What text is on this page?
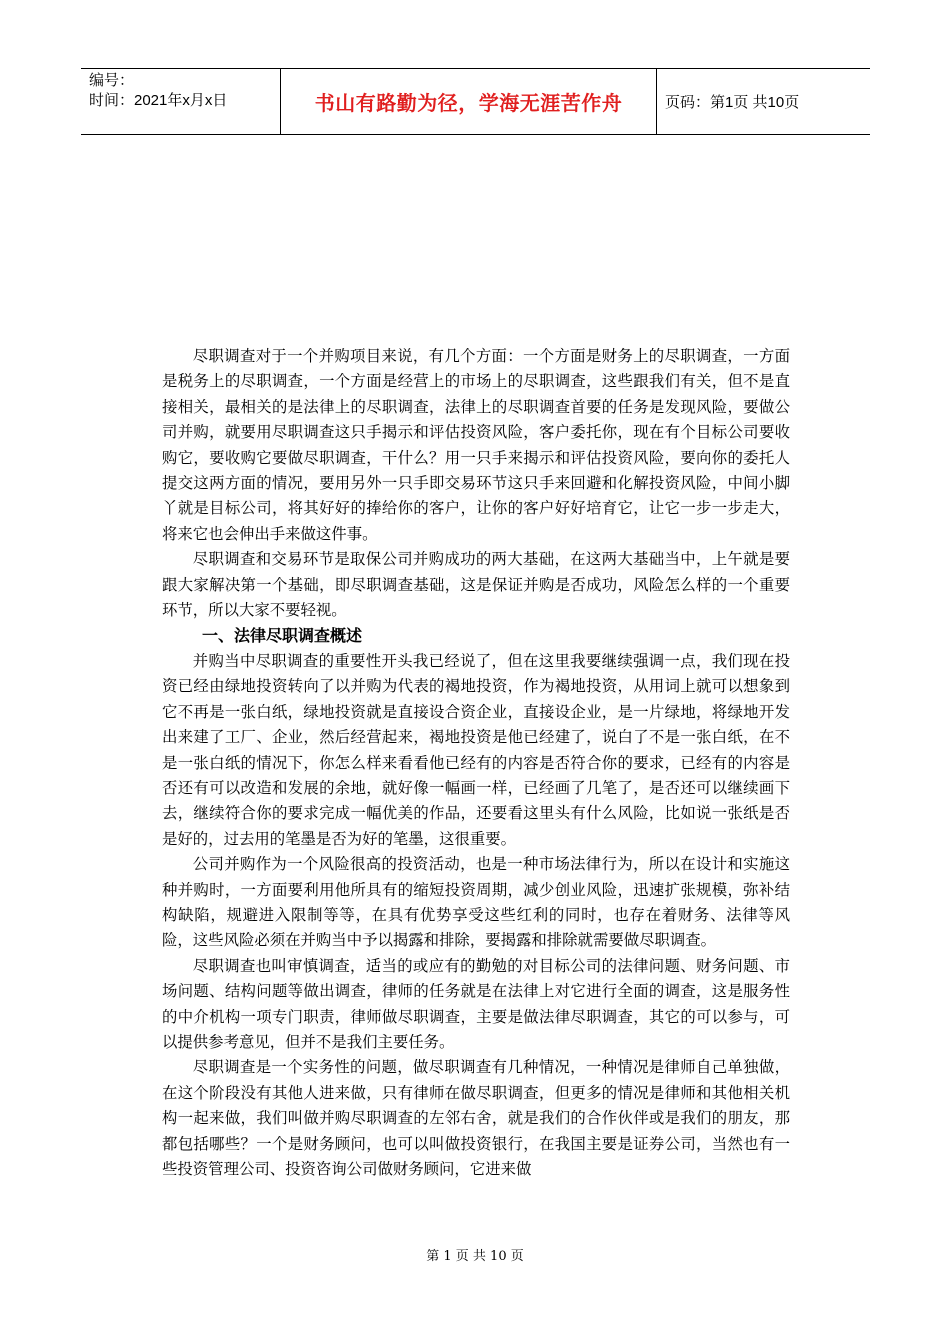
编号：
时间：2021年x月x日	书山有路勤为径，学海无涯苦作舟	页码：第1页 共10页

尽职调查对于一个并购项目来说，有几个方面：一个方面是财务上的尽职调查，一方面是税务上的尽职调查，一个方面是经营上的市场上的尽职调查，这些跟我们有关，但不是直接相关，最相关的是法律上的尽职调查，法律上的尽职调查首要的任务是发现风险，要做公司并购，就要用尽职调查这只手揭示和评估投资风险，客户委托你，现在有个目标公司要收购它，要收购它要做尽职调查，干什么？用一只手来揭示和评估投资风险，要向你的委托人提交这两方面的情况，要用另外一只手即交易环节这只手来回避和化解投资风险，中间小脚丫就是目标公司，将其好好的捧给你的客户，让你的客户好好培育它，让它一步一步走大，将来它也会伸出手来做这件事。

尽职调查和交易环节是取保公司并购成功的两大基础，在这两大基础当中，上午就是要跟大家解决第一个基础，即尽职调查基础，这是保证并购是否成功，风险怎么样的一个重要环节，所以大家不要轻视。

一、法律尽职调查概述

并购当中尽职调查的重要性开头我已经说了，但在这里我要继续强调一点，我们现在投资已经由绿地投资转向了以并购为代表的褐地投资，作为褐地投资，从用词上就可以想象到它不再是一张白纸，绿地投资就是直接设合资企业，直接设企业，是一片绿地，将绿地开发出来建了工厂、企业，然后经营起来，褐地投资是他已经建了，说白了不是一张白纸，在不是一张白纸的情况下，你怎么样来看看他已经有的内容是否符合你的要求，已经有的内容是否还有可以改造和发展的余地，就好像一幅画一样，已经画了几笔了，是否还可以继续画下去，继续符合你的要求完成一幅优美的作品，还要看这里头有什么风险，比如说一张纸是否是好的，过去用的笔墨是否为好的笔墨，这很重要。

公司并购作为一个风险很高的投资活动，也是一种市场法律行为，所以在设计和实施这种并购时，一方面要利用他所具有的缩短投资周期，减少创业风险，迅速扩张规模，弥补结构缺陷，规避进入限制等等，在具有优势享受这些红利的同时，也存在着财务、法律等风险，这些风险必须在并购当中予以揭露和排除，要揭露和排除就需要做尽职调查。

尽职调查也叫审慎调查，适当的或应有的勤勉的对目标公司的法律问题、财务问题、市场问题、结构问题等做出调查，律师的任务就是在法律上对它进行全面的调查，这是服务性的中介机构一项专门职责，律师做尽职调查，主要是做法律尽职调查，其它的可以参与，可以提供参考意见，但并不是我们主要任务。

尽职调查是一个实务性的问题，做尽职调查有几种情况，一种情况是律师自己单独做，在这个阶段没有其他人进来做，只有律师在做尽职调查，但更多的情况是律师和其他相关机构一起来做，我们叫做并购尽职调查的左邻右舍，就是我们的合作伙伴或是我们的朋友，那都包括哪些？一个是财务顾问，也可以叫做投资银行，在我国主要是证券公司，当然也有一些投资管理公司、投资咨询公司做财务顾问，它进来做

第 1 页 共 10 页
